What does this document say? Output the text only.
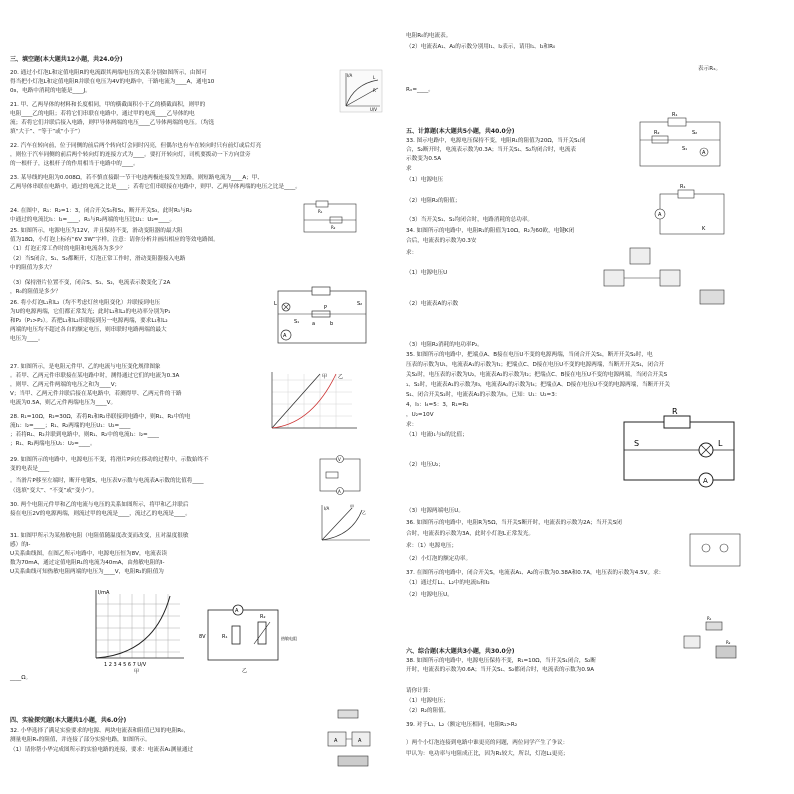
三、填空题(本大题共12小题，共24.0分)
20. 通过小灯泡L和定值电阻R的电流跟其两端电压的关系分别如图所示，由图可
得当把小灯泡L和定值电阻R并联在电压为4V的电路中，干路电流为____A，通电10
0s，电路中消耗的电能是____J。
21. 甲、乙两导体的材料和长度相同，甲的横截面积小于乙的横截面积，则甲的
电阻____乙的电阻；若将它们串联在电路中，通过甲的电流____乙导体的电
流；若将它们并联后接入电路，则甲导体两端的电压____乙导体两端的电压。（均选
填“大于”、“等于”或“小于”）
22. 汽车在转向前，位于同侧的前后两个转向灯会同时闪亮，但偶尔也有车在转向时只有前灯或后灯亮
，则位于汽车同侧的前后两个转向灯的连接方式为____。要打开转向灯，司机要拨动一下方向盘旁
的一根杆子，这根杆子的作用相当于电路中的____。
23. 某导线的电阻为0.008Ω，若不慎直接跟一节干电池两极连接发生短路，则短路电流为____A；甲、
乙两导体串联在电路中，通过的电流之比是____；若将它们串联接在电路中，则甲、乙两导体两端的电压之比是____。
24. 在图中，R₁：R₂=1：3，闭合开关S₁和S₂，断开开关S₃，此时R₁与R₂
中通过的电流比I₁：I₂=____，R₁与R₂两端的电压比U₁：U₂=____。
25. 如图所示，电源电压为12V，并且保持不变，滑动变阻器的最大阻
值为18Ω，小灯泡上标有“6V 3W”字样。注意：请你分析并画出相应的等效电路图。
（1）灯泡正常工作时的电阻和电流各为多少？
（2）当S闭合，S₁、S₂都断开，灯泡正常工作时，滑动变阻器接入电路
中的阻值为多大？
（3）保持滑片位置不变，闭合S、S₁、S₂，电流表示数变化了2A
，R₀的阻值是多少？
26. 将小灯泡L₁和L₂（均不考虑灯丝电阻变化）并联接到电压
为U的电源两端，它们都正常发光；此时L₁和L₂的电功率分别为P₁
和P₂（P₁>P₂）。若把L₁和L₂串联接到另一电源两端，要求L₁和L₂
两端的电压均不超过各自的额定电压，则串联时电路两端的最大
电压为____。
27. 如图所示，是电阻元件甲、乙的电流与电压变化规律图象
。若甲、乙两元件串联接在某电路中时，测得通过它们的电流为0.3A
，则甲、乙两元件两端的电压之和为____V；
V；当甲、乙两元件并联后接在某电路中，若测得甲、乙两元件的干路
电流为0.5A，则乙元件两端电压为____V。
28. R₁=10Ω，R₂=30Ω，若将R₁和R₂串联接到电路中，则R₁、R₂中的电
流I₁：I₂=____；R₁、R₂两端的电压U₁：U₂=____
；若将R₁、R₂并联到电路中，则R₁、R₂中的电流I₁：I₂=____
；R₁、R₂两端电压U₁：U₂=____。
29. 如图所示的电路中，电源电压不变，将滑片P向左移动的过程中，示数始终不
变的电表是____
。当滑片P移至左端时，断开电键S，电压表V示数与电流表A示数的比值将____
（选填“变大”、“不变”或“变小”）。
30. 两个电阻元件甲和乙的电流与电压的关系如图所示，将甲和乙并联后
接在电压2V的电源两端，则流过甲的电流是____，流过乙的电流是____。
31. 如图甲所示为某热敏电阻（电阻值随温度改变而改变，且对温度很敏
感）的I-
U关系曲线图，在图乙所示电路中，电源电压恒为8V，电流表读
数为70mA，通过定值电阻R₁的电流为40mA，由热敏电阻的I-
U关系曲线可知热敏电阻两端的电压为____V，电阻R₂的阻值为
____Ω。
四、实验探究题(本大题共1小题，共6.0分)
32. 小华选择了满足实验要求的电源、两块电流表和阻值已知的电阻R₀，
测量电阻Rₓ的阻值，并连接了部分实验电路，如图所示。
（1）请你帮小华完成图所示的实验电路的连接，要求：电流表A₁测量通过
电阻R₀的电流表。
（2）电流表A₁、A₂的示数分别用I₁、I₂表示，请用I₁、I₂和R₀
表示Rₓ。
Rₓ=____。
五、计算题(本大题共5小题，共40.0分)
33. 图示电路中，电源电压保持不变，电阻R₁的阻值为20Ω，当开关S₁闭
合，S₂断开时，电流表示数为0.3A；当开关S₁、S₂均闭合时，电流表
示数变为0.5A
求
（1）电源电压
（2）电阻R₂的阻值；
（3）当开关S₁、S₂均闭合时，电路消耗的总功率。
34. 如图所示的电路中，电阻R₁的阻值为10Ω，R₂为60欧，电键K闭
合后，电流表的示数为0.3安
求：
（1）电源电压U
（2）电流表A的示数
（3）电阻R₂消耗的电功率P₂。
35. 如图所示的电路中，把端点A、B接在电压U不变的电源两端，当闭合开关S₁，断开开关S₂时，电
压表的示数为U₁，电流表A₁的示数为I₁；把端点C、D接在电压U不变的电源两端，当断开开关S₁，闭合开
关S₂时，电压表的示数为U₂，电流表A₂的示数为I₂；把端点C、B接在电压U不变的电源两端，当闭合开关S
₁、S₂时，电流表A₁的示数为I₃，电流表A₂的示数为I₄；把端点A、D接在电压U不变的电源两端，当断开开关
S₁、闭合开关S₂时，电流表A₂的示数为I₅。已知：U₁：U₂=3：
4，I₃：I₄=5：3，R₁=R₂
，U₂=10V
求：
（1）电流I₁与I₂的比值；
（2）电压U₂；
（3）电源两端电压U。
36. 如图所示的电路中，电阻R为5Ω，当开关S断开时，电流表的示数为2A；当开关S闭
合时，电流表的示数为3A，此时小灯泡L正常发光。
求：（1）电源电压；
（2）小灯泡的额定功率。
37. 在图所示的电路中，闭合开关S，电流表A₁、A₂的示数为0.38A和0.7A，电压表的示数为4.5V。求：
（1）通过灯L₁、L₂中的电流I₁和I₂
（2）电源电压U。
六、综合题(本大题共3小题，共30.0分)
38. 如图所示的电路中，电源电压保持不变，R₁=10Ω，当开关S₁闭合，S₂断
开时，电流表的示数为0.6A；当开关S₁、S₂都闭合时，电流表的示数为0.9A
请你计算：
（1）电源电压；
（2）R₂的阻值。
39. 对于L₁、L₂（额定电压相同，电阻R₁>R₂
）两个小灯泡连接到电路中谁更亮的问题，两位同学产生了争议：
甲认为：电功率与电阻成正比，因为R₁较大，所以，灯泡L₁更亮；
I/A
U/V
L
R
R₁
R₂
S₁
S₂
P
a	b
L
A
甲 乙
V
A
I/A	甲
乙
I/mA
1 2 3 4 5 6 7 U/V
甲
A
8V	R₁
R₂
热敏电阻
乙
A	A
R₁
R₂
S₁
S₂
A
R₁
A
K
R
S	L
A
R₁
R₂
